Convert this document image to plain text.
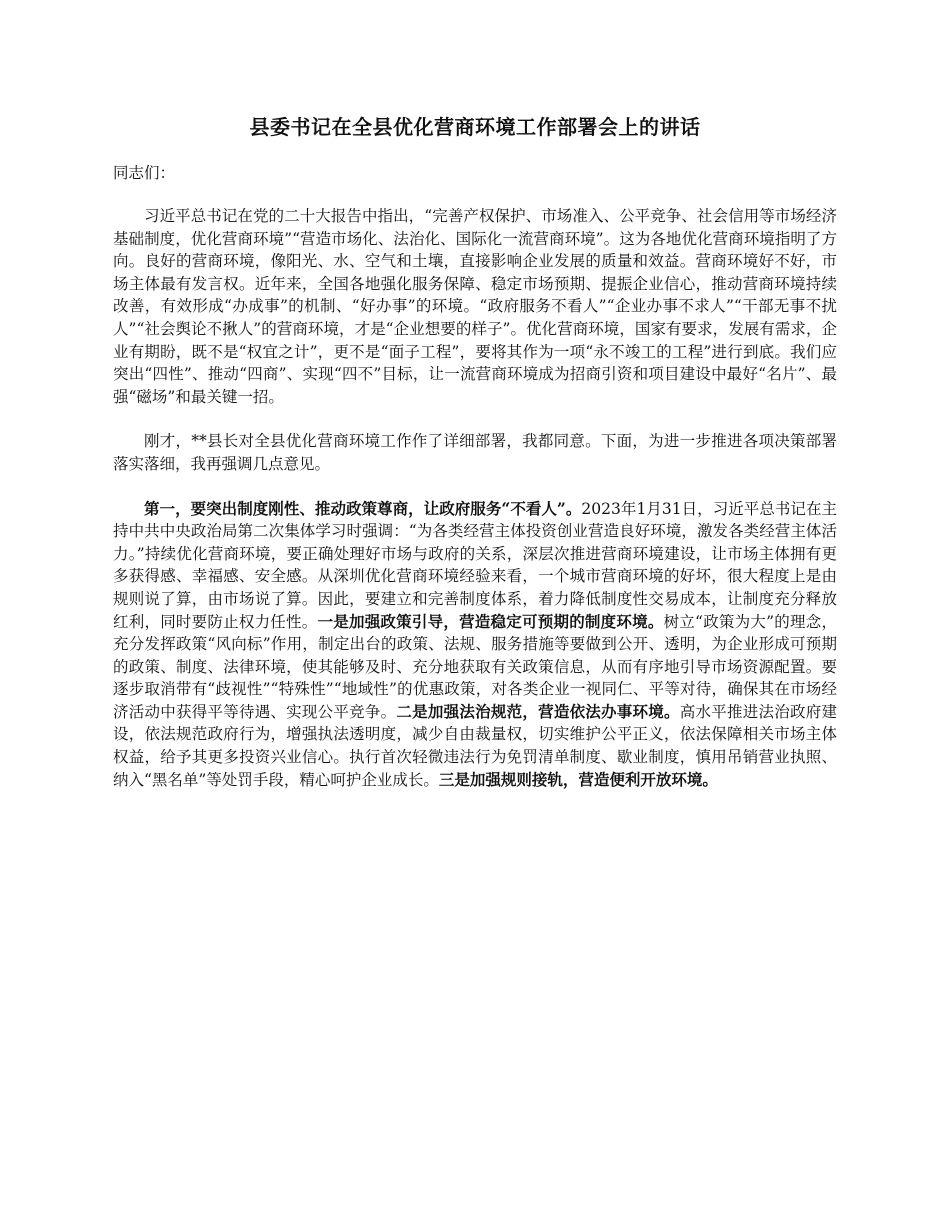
县委书记在全县优化营商环境工作部署会上的讲话
同志们：

习近平总书记在党的二十大报告中指出，“完善产权保护、市场准入、公平竞争、社会信用等市场经济基础制度，优化营商环境”“营造市场化、法治化、国际化一流营商环境”。这为各地优化营商环境指明了方向。良好的营商环境，像阳光、水、空气和土壤，直接影响企业发展的质量和效益。营商环境好不好，市场主体最有发言权。近年来，全国各地强化服务保障、稳定市场预期、提振企业信心，推动营商环境持续改善，有效形成“办成事”的机制、“好办事”的环境。“政府服务不看人”“企业办事不求人”“干部无事不扰人”“社会舆论不揪人”的营商环境，才是“企业想要的样子”。优化营商环境，国家有要求，发展有需求，企业有期盼，既不是“权宜之计”，更不是“面子工程”，要将其作为一项“永不竣工的工程”进行到底。我们应突出“四性”、推动“四商”、实现“四不”目标，让一流营商环境成为招商引资和项目建设中最好“名片”、最强“磁场”和最关键一招。

刚才，**县长对全县优化营商环境工作作了详细部署，我都同意。下面，为进一步推进各项决策部署落实落细，我再强调几点意见。

第一，要突出制度刚性、推动政策尊商，让政府服务“不看人”。2023年1月31日，习近平总书记在主持中共中央政治局第二次集体学习时强调：“为各类经营主体投资创业营造良好环境，激发各类经营主体活力。”持续优化营商环境，要正确处理好市场与政府的关系，深层次推进营商环境建设，让市场主体拥有更多获得感、幸福感、安全感。从深圳优化营商环境经验来看，一个城市营商环境的好坏，很大程度上是由规则说了算，由市场说了算。因此，要建立和完善制度体系，着力降低制度性交易成本，让制度充分释放红利，同时要防止权力任性。一是加强政策引导，营造稳定可预期的制度环境。树立“政策为大”的理念，充分发挥政策“风向标”作用，制定出台的政策、法规、服务措施等要做到公开、透明，为企业形成可预期的政策、制度、法律环境，使其能够及时、充分地获取有关政策信息，从而有序地引导市场资源配置。要逐步取消带有“歧视性”“特殊性”“地域性”的优惠政策，对各类企业一视同仁、平等对待，确保其在市场经济活动中获得平等待遇、实现公平竞争。二是加强法治规范，营造依法办事环境。高水平推进法治政府建设，依法规范政府行为，增强执法透明度，减少自由裁量权，切实维护公平正义，依法保障相关市场主体权益，给予其更多投资兴业信心。执行首次轻微违法行为免罚清单制度、歇业制度，慎用吊销营业执照、纳入“黑名单”等处罚手段，精心呵护企业成长。三是加强规则接轨，营造便利开放环境。
